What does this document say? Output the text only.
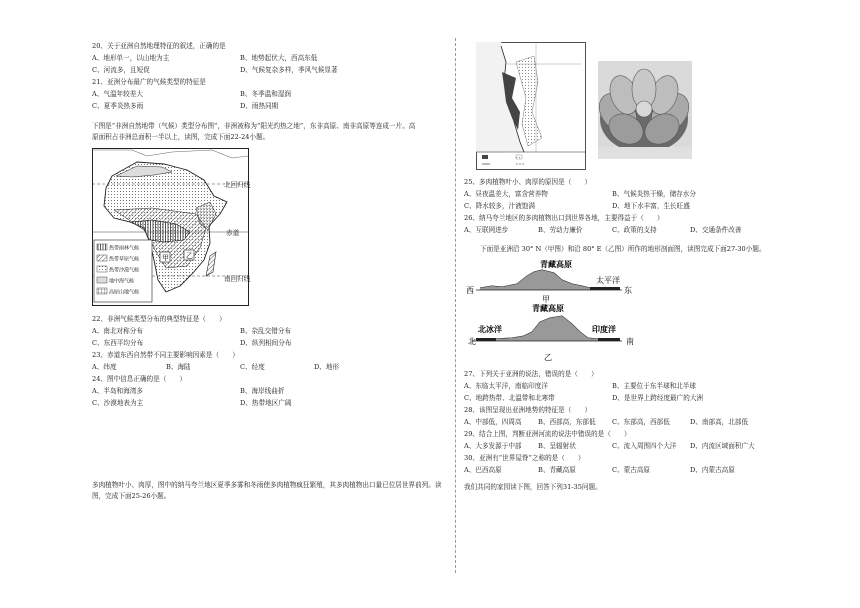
20、关于亚洲自然地理特征的叙述，正确的是
A、地形单一，以山地为主	B、地势起伏大，西高东低
C、河流多，且短促	D、气候复杂多样，季风气候显著
21、亚洲分布最广的气候类型的特征是
A、气温年较差大	B、冬季温和湿润
C、夏季炎热多雨	D、雨热同期
下图是“非洲自然地带（气候）类型分布图”，非洲被称为“阳光灼热之地”，东非高原、南非高原等连成一片。高原面积占非洲总面积一半以上，读图，完成下面22-24小题。
甲 乙
热带雨林气候
热带草原气候
热带沙漠气候
地中海气候
高原山地气候
北回归线
赤道
南回归线
22、非洲气候类型分布的典型特征是（　　）
A、南北对称分布	B、杂乱交错分布
C、东西平均分布	D、纵列相间分布
23、赤道东西自然带不同主要影响因素是（　　）
A、纬度	B、海陆	C、经度	D、地形
24、图中信息正确的是（　　）
A、半岛和海湾多	B、海岸线曲折
C、沙漠地表为主	D、热带地区广阔
多肉植物叶小、肉厚，图中的纳马夸兰地区夏季多雾和冬雨使多肉植物疯狂繁殖，其多肉植物出口量已位居世界前列。读图，完成下面25-26小题。
25、多肉植物叶小、肉厚的原因是（　　）
A、昼夜温差大，富含营养物	B、气候炎热干燥，储存水分
C、降水较多，汁液饱满	D、地下水丰富，生长旺盛
26、纳马夸兰地区的多肉植物出口到世界各地，主要得益于（　　）
A、互联网进步	B、劳动力廉价	C、政策的支持	D、交通条件改善
下面是亚洲沿 30° N（甲图）和沿 80° E（乙图）所作的地形剖面图，读图完成下面27-30小题。
青藏高原
太平洋
西	东
甲
青藏高原
北冰洋	印度洋
北	南
乙
27、下列关于亚洲的说法，错误的是（　　）
A、东临太平洋，南临印度洋	B、主要位于东半球和北半球
C、地跨热带、北温带和北寒带	D、是世界上跨经度最广的大洲
28、该图呈现出亚洲地势的特征是（　　）
A、中部低，四周高 B、西部高，东部低 C、东部高，西部低	D、南部高，北部低
29、结合上图，判断亚洲河流的说法中错误的是（　　）
A、大多发源于中部 B、呈辐射状	C、流入周围四个大洋 D、内流区域面积广大
30、亚洲有“世界屋脊”之称的是（　　）
A、巴西高原	B、青藏高原	C、蒙古高原	D、内蒙古高原
我们共同的家园读下图，回答下列31-35问题。
